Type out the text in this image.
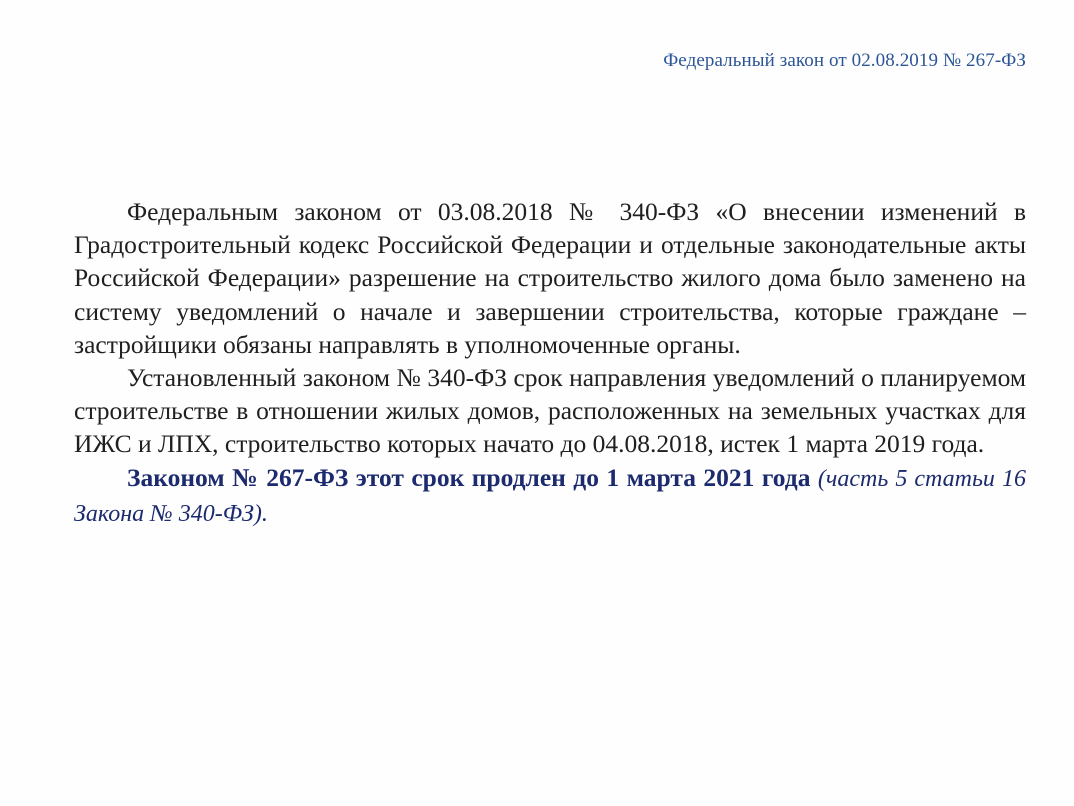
Федеральный закон от 02.08.2019 № 267-ФЗ

Федеральным законом от 03.08.2018 № 340-ФЗ «О внесении изменений в Градостроительный кодекс Российской Федерации и отдельные законодательные акты Российской Федерации» разрешение на строительство жилого дома было заменено на систему уведомлений о начале и завершении строительства, которые граждане – застройщики обязаны направлять в уполномоченные органы.

Установленный законом № 340-ФЗ срок направления уведомлений о планируемом строительстве в отношении жилых домов, расположенных на земельных участках для ИЖС и ЛПХ, строительство которых начато до 04.08.2018, истек 1 марта 2019 года.

Законом № 267-ФЗ этот срок продлен до 1 марта 2021 года (часть 5 статьи 16 Закона № 340-ФЗ).
